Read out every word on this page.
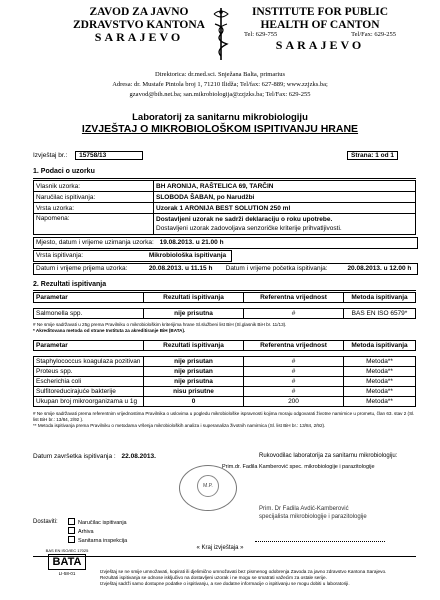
ZAVOD ZA JAVNO
ZDRAVSTVO KANTONA
SARAJEVO
INSTITUTE FOR PUBLIC
HEALTH OF CANTON
Tel: 629-755	Tel/Fax: 629-255
SARAJEVO
Direktorica: dr.med.sci. Snježana Balta, primarius
Adresa: dr. Mustafe Pintola broj 1, 71210 Ilidža; Tel/fax: 627-889; www.zzjzks.ba;
gzavod@bih.net.ba; san.mikrobiologija@zzjzks.ba; Tel/Fax: 629-255
Laboratorij za sanitarnu mikrobiologiju
IZVJEŠTAJ O MIKROBIOLOŠKOM ISPITIVANJU HRANE
Izvještaj br.: 15758/13	Strana: 1 od 1
1. Podaci o uzorku
Vlasnik uzorka:	BH ARONIJA, RAŠTELICA 69, TARČIN
Naručilac ispitivanja:	SLOBODA ŠABAN, po Narudžbi
Vrsta uzorka:	Uzorak 1 ARONIJA BEST SOLUTION 250 ml
Napomena:	Dostavljeni uzorak ne sadrži deklaraciju o roku upotrebe.
Dostavljeni uzorak zadovoljava senzoričke kriterije prihvatljivosti.
Mjesto, datum i vrijeme uzimanja uzorka: 19.08.2013. u 21.00 h
Vrsta ispitivanja:	Mikrobiološka ispitivanja
Datum i vrijeme prijema uzorka:	20.08.2013. u 11.15 h Datum i vrijeme početka ispitivanja:	20.08.2013. u 12.00 h
2. Rezultati ispitivanja
Parametar	Rezultati ispitivanja	Referentna vrijednost	Metoda ispitivanja

Salmonella spp.	nije prisutna	#	BAS EN ISO 6579*
# Ne smije sadržavati u 25g prema Pravilniku o mikrobiološkim kriterijima hrane Sl.službeni list BiH (Sl.glasnik BiH br. 11/13).
* Akreditovana metoda od strane Instituta za akreditiranje BiH (BATA).
Parametar	Rezultati ispitivanja	Referentna vrijednost	Metoda ispitivanja

Staphylococcus koagulaza pozitivan	nije prisutan	#	Metoda**
Proteus spp.	nije prisutan	#	Metoda**
Escherichia coli	nije prisutna	#	Metoda**
Sulfitoreducirajuće bakterije	nisu prisutne	#	Metoda**
Ukupan broj mikroorganizama u 1g	0	200	Metoda**
# Ne smije sadržavati prema referentnim vrijednostima Pravilnika o uslovima u pogledu mikrobiološke ispravnosti kojima moraju odgovarati životne namirnice u prometu, član 63. stav 2 (Sl. list BiH br.: 13/84, 2/92 ).
** Metoda ispitivanja prema Pravilniku o metodama vršenja mikrobioloških analiza i superanaliza životnih namirnica (Sl. list BiH br.: 13/84, 2/92).
Datum završetka ispitivanja : 22.08.2013.	Rukovodilac laboratorija za sanitarnu mikrobiologiju:
Prim.dr. Fadila Kamberović spec. mikrobiologije i parazitologije
M.P.
Prim. Dr Fadila Avdić-Kamberović specijalista mikrobiologije i parazitologije
Dostaviti:	Naručilac ispitivanja
Arhiva
Sanitarna inspekcija
« Kraj izvještaja »
BAS EN ISO/IEC 17025
BATA
LI-58-01	Izvještaj se ne smije umnožavati, kopirati ili djelimično umnožavati bez pismenog odobrenja Zavoda za javno zdravstvo Kantona Sarajevo.
Rezultati ispitivanja se odnose isključivo na dostavljeni uzorak i ne mogu se smatrati važećim za ostale serije.
Izvještaj sadrži samo dostupne podatke o ispitivanju, a sve dodatne informacije o ispitivanju se mogu dobiti u laboratoriji.
